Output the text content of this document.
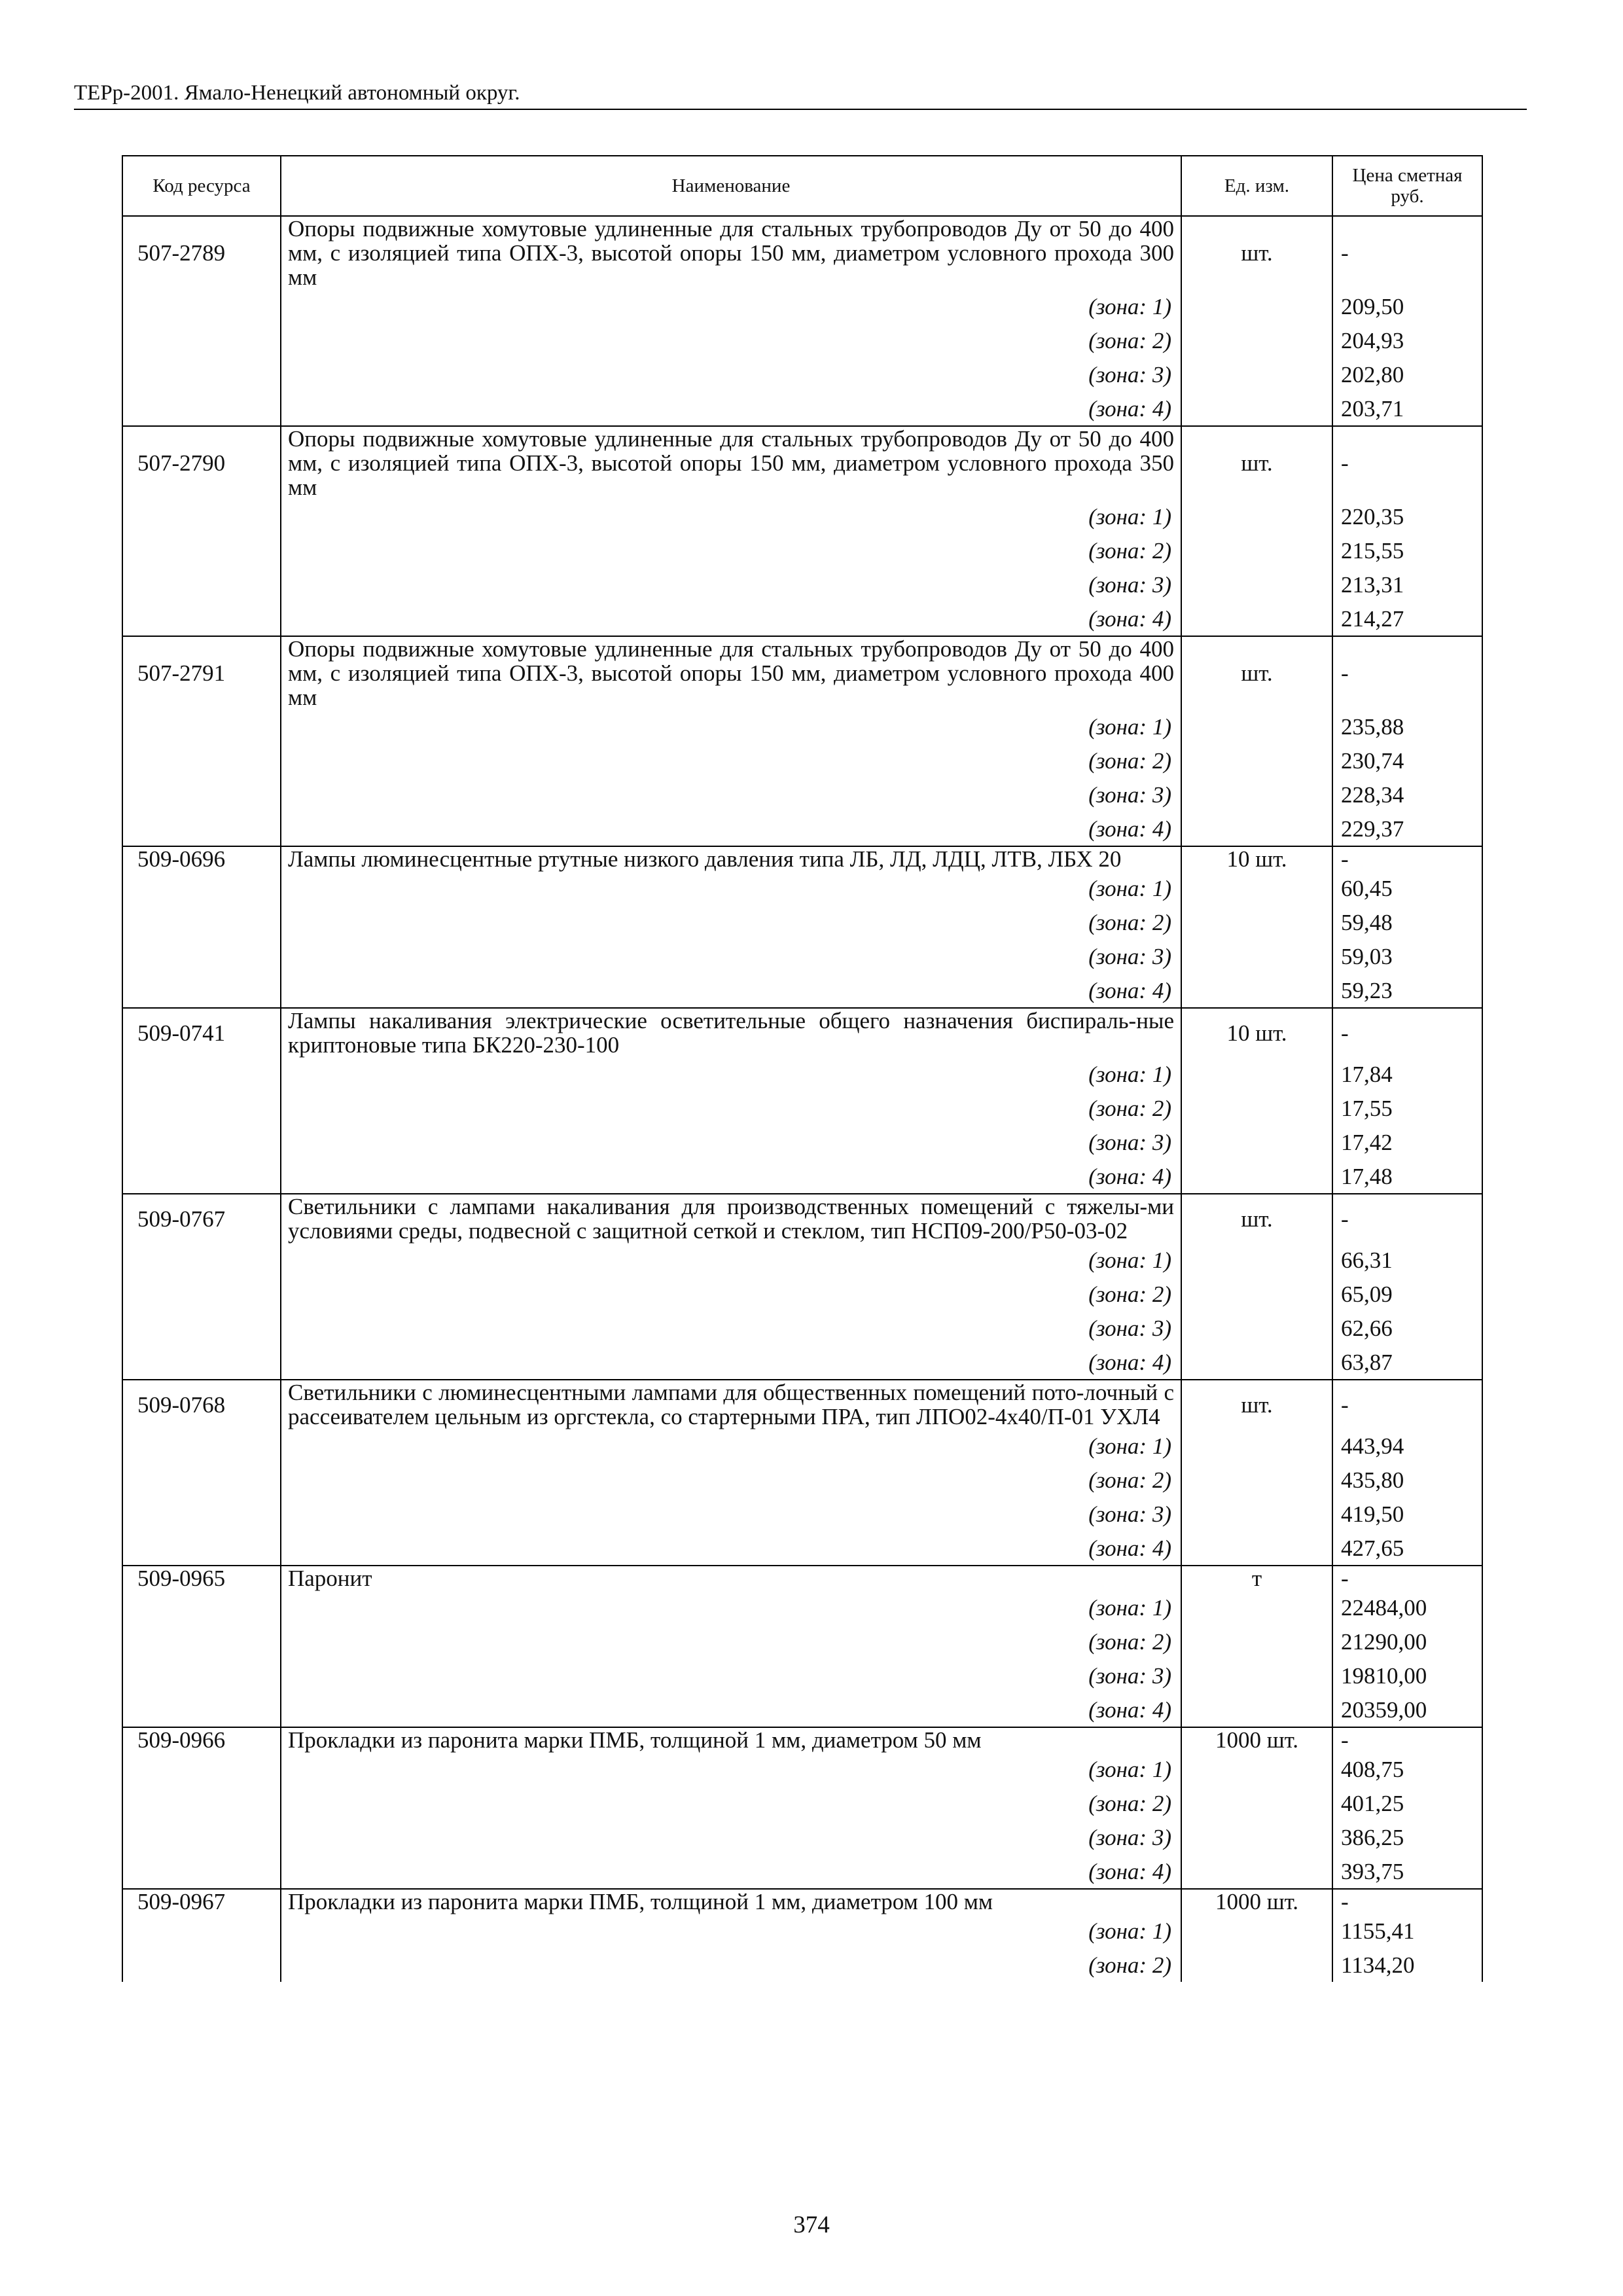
ТЕРр-2001. Ямало-Ненецкий автономный округ.
Код ресурса	Наименование	Ед. изм.	Цена сметная руб.
507-2789	Опоры подвижные хомутовые удлиненные для стальных трубопроводов Ду от 50 до 400 мм, с изоляцией типа ОПХ-3, высотой опоры 150 мм, диаметром условного прохода 300 мм	шт.	-
	(зона: 1)		209,50
	(зона: 2)		204,93
	(зона: 3)		202,80
	(зона: 4)		203,71
507-2790	Опоры подвижные хомутовые удлиненные для стальных трубопроводов Ду от 50 до 400 мм, с изоляцией типа ОПХ-3, высотой опоры 150 мм, диаметром условного прохода 350 мм	шт.	-
	(зона: 1)		220,35
	(зона: 2)		215,55
	(зона: 3)		213,31
	(зона: 4)		214,27
507-2791	Опоры подвижные хомутовые удлиненные для стальных трубопроводов Ду от 50 до 400 мм, с изоляцией типа ОПХ-3, высотой опоры 150 мм, диаметром условного прохода 400 мм	шт.	-
	(зона: 1)		235,88
	(зона: 2)		230,74
	(зона: 3)		228,34
	(зона: 4)		229,37
509-0696	Лампы люминесцентные ртутные низкого давления типа ЛБ, ЛД, ЛДЦ, ЛТВ, ЛБХ 20	10 шт.	-
	(зона: 1)		60,45
	(зона: 2)		59,48
	(зона: 3)		59,03
	(зона: 4)		59,23
509-0741	Лампы накаливания электрические осветительные общего назначения биспираль-ные криптоновые типа БК220-230-100	10 шт.	-
	(зона: 1)		17,84
	(зона: 2)		17,55
	(зона: 3)		17,42
	(зона: 4)		17,48
509-0767	Светильники с лампами накаливания для производственных помещений с тяжелы-ми условиями среды, подвесной с защитной сеткой и стеклом, тип НСП09-200/Р50-03-02	шт.	-
	(зона: 1)		66,31
	(зона: 2)		65,09
	(зона: 3)		62,66
	(зона: 4)		63,87
509-0768	Светильники с люминесцентными лампами для общественных помещений пото-лочный с рассеивателем цельным из оргстекла, со стартерными ПРА, тип ЛПО02-4х40/П-01 УХЛ4	шт.	-
	(зона: 1)		443,94
	(зона: 2)		435,80
	(зона: 3)		419,50
	(зона: 4)		427,65
509-0965	Паронит	т	-
	(зона: 1)		22484,00
	(зона: 2)		21290,00
	(зона: 3)		19810,00
	(зона: 4)		20359,00
509-0966	Прокладки из паронита марки ПМБ, толщиной 1 мм, диаметром 50 мм	1000 шт.	-
	(зона: 1)		408,75
	(зона: 2)		401,25
	(зона: 3)		386,25
	(зона: 4)		393,75
509-0967	Прокладки из паронита марки ПМБ, толщиной 1 мм, диаметром 100 мм	1000 шт.	-
	(зона: 1)		1155,41
	(зона: 2)		1134,20
374
